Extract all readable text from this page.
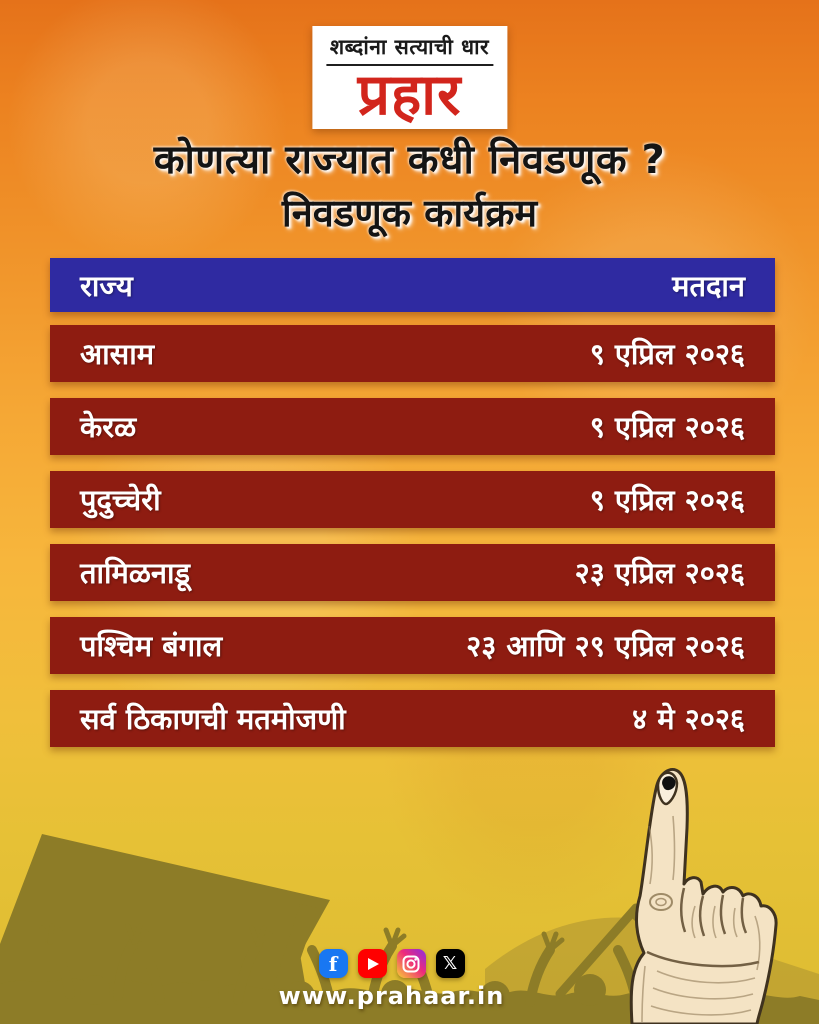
शब्दांना सत्याची धार
प्रहार
कोणत्या राज्यात कधी निवडणूक ?
निवडणूक कार्यक्रम
राज्य	मतदान
आसाम	९ एप्रिल २०२६
केरळ	९ एप्रिल २०२६
पुदुच्चेरी	९ एप्रिल २०२६
तामिळनाडू	२३ एप्रिल २०२६
पश्चिम बंगाल	२३ आणि २९ एप्रिल २०२६
सर्व ठिकाणची मतमोजणी	४ मे २०२६
f	𝕏
www.prahaar.in
